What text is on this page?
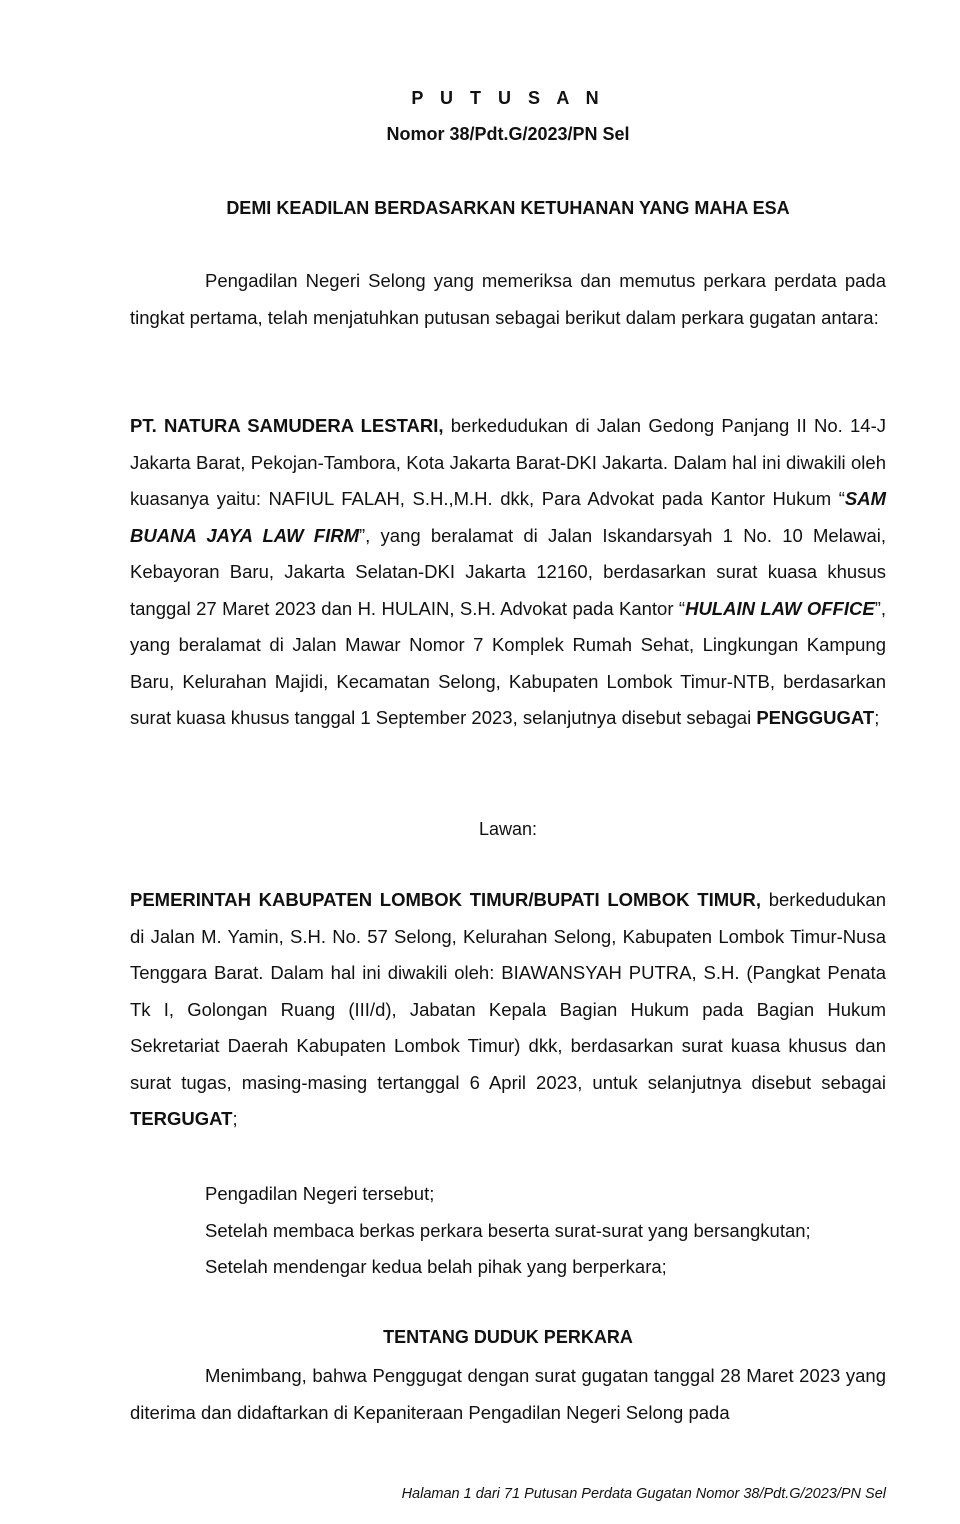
P U T U S A N
Nomor 38/Pdt.G/2023/PN Sel
DEMI KEADILAN BERDASARKAN KETUHANAN YANG MAHA ESA
Pengadilan Negeri Selong yang memeriksa dan memutus perkara perdata pada tingkat pertama, telah menjatuhkan putusan sebagai berikut dalam perkara gugatan antara:
PT. NATURA SAMUDERA LESTARI, berkedudukan di Jalan Gedong Panjang II No. 14-J Jakarta Barat, Pekojan-Tambora, Kota Jakarta Barat-DKI Jakarta. Dalam hal ini diwakili oleh kuasanya yaitu: NAFIUL FALAH, S.H.,M.H. dkk, Para Advokat pada Kantor Hukum “SAM BUANA JAYA LAW FIRM”, yang beralamat di Jalan Iskandarsyah 1 No. 10 Melawai, Kebayoran Baru, Jakarta Selatan-DKI Jakarta 12160, berdasarkan surat kuasa khusus tanggal 27 Maret 2023 dan H. HULAIN, S.H. Advokat pada Kantor “HULAIN LAW OFFICE”, yang beralamat di Jalan Mawar Nomor 7 Komplek Rumah Sehat, Lingkungan Kampung Baru, Kelurahan Majidi, Kecamatan Selong, Kabupaten Lombok Timur-NTB, berdasarkan surat kuasa khusus tanggal 1 September 2023, selanjutnya disebut sebagai PENGGUGAT;
Lawan:
PEMERINTAH KABUPATEN LOMBOK TIMUR/BUPATI LOMBOK TIMUR, berkedudukan di Jalan M. Yamin, S.H. No. 57 Selong, Kelurahan Selong, Kabupaten Lombok Timur-Nusa Tenggara Barat. Dalam hal ini diwakili oleh: BIAWANSYAH PUTRA, S.H. (Pangkat Penata Tk I, Golongan Ruang (III/d), Jabatan Kepala Bagian Hukum pada Bagian Hukum Sekretariat Daerah Kabupaten Lombok Timur) dkk, berdasarkan surat kuasa khusus dan surat tugas, masing-masing tertanggal 6 April 2023, untuk selanjutnya disebut sebagai TERGUGAT;
Pengadilan Negeri tersebut;
Setelah membaca berkas perkara beserta surat-surat yang bersangkutan;
Setelah mendengar kedua belah pihak yang berperkara;
TENTANG DUDUK PERKARA
Menimbang, bahwa Penggugat dengan surat gugatan tanggal 28 Maret 2023 yang diterima dan didaftarkan di Kepaniteraan Pengadilan Negeri Selong pada
Halaman 1 dari 71 Putusan Perdata Gugatan Nomor 38/Pdt.G/2023/PN Sel
